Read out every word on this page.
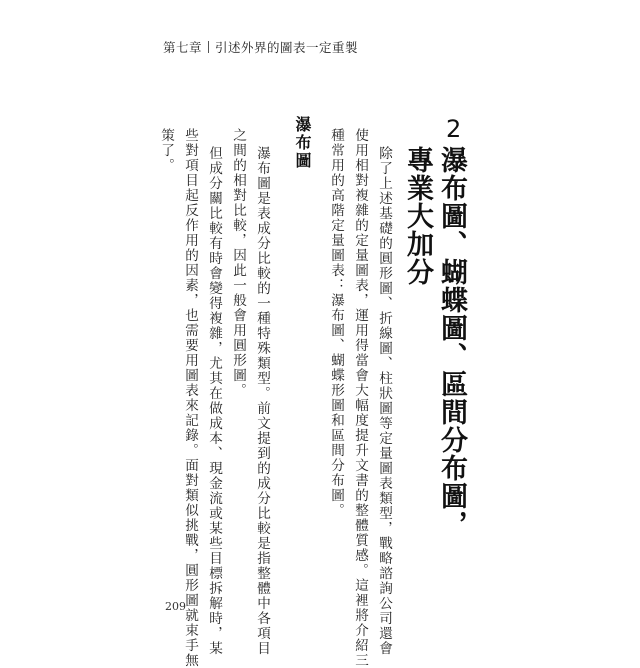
第七章 引述外界的圖表一定重製
2
瀑布圖、蝴蝶圖、區間分布圖，
專業大加分
除了上述基礎的圓形圖、折線圖、柱狀圖等定量圖表類型，戰略諮詢公司還會
使用相對複雜的定量圖表，運用得當會大幅度提升文書的整體質感。這裡將介紹三
種常用的高階定量圖表：瀑布圖、蝴蝶形圖和區間分布圖。
瀑布圖
瀑布圖是表成分比較的一種特殊類型。前文提到的成分比較是指整體中各項目
之間的相對比較，因此一般會用圓形圖。
但成分關比較有時會變得複雜，尤其在做成本、現金流或某些目標拆解時，某
些對項目起反作用的因素，也需要用圖表來記錄。面對類似挑戰，圓形圖就束手無
策了。
209
